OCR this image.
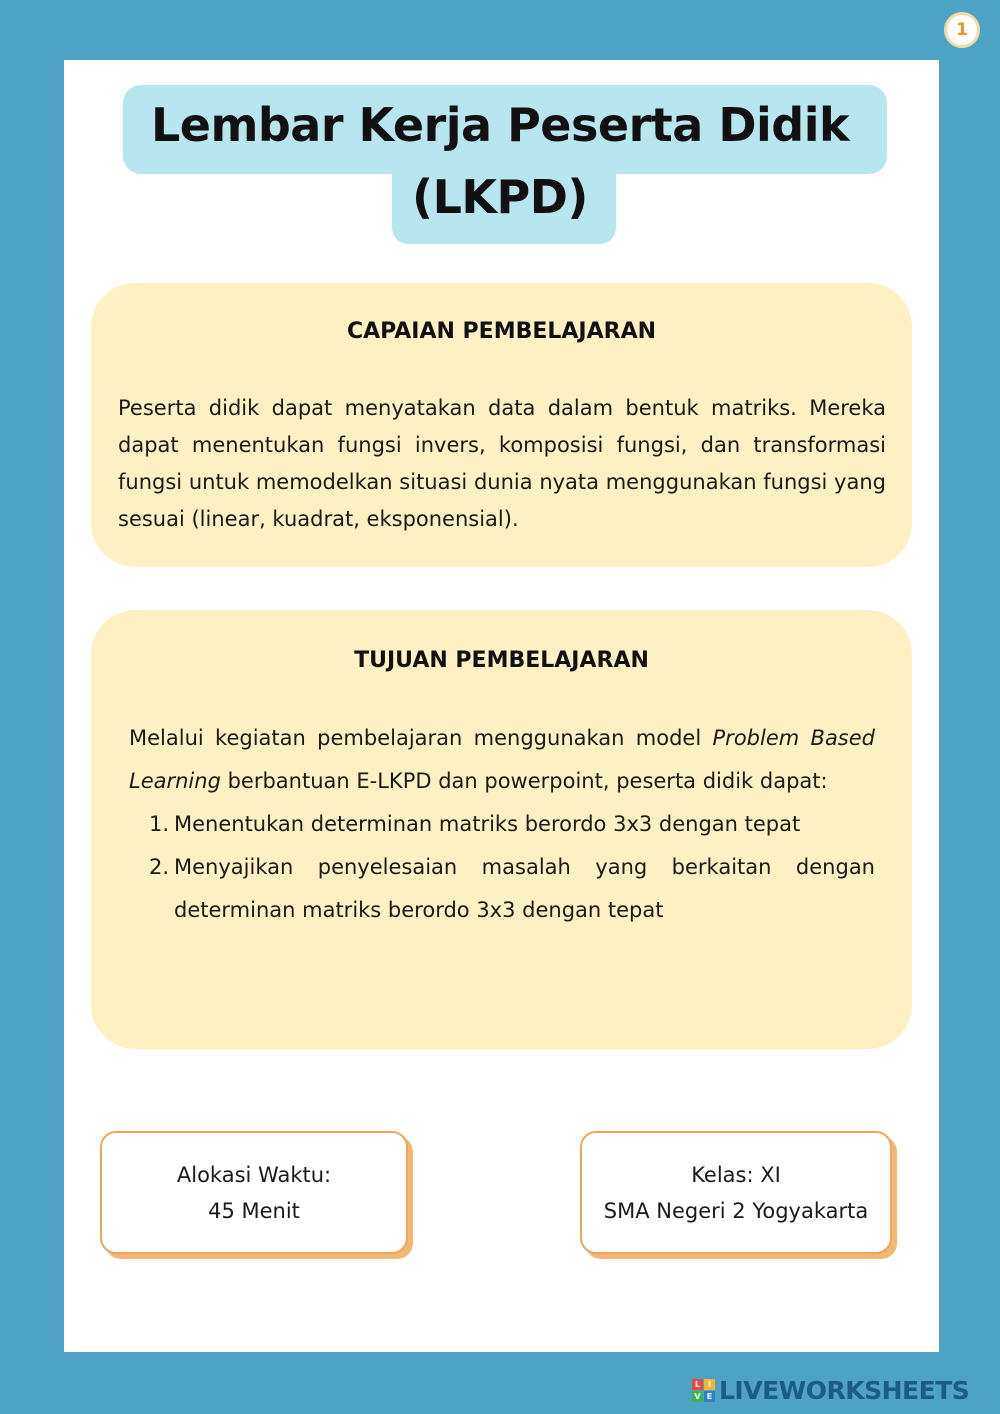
1
Lembar Kerja Peserta Didik
(LKPD)
CAPAIAN PEMBELAJARAN
Peserta didik dapat menyatakan data dalam bentuk matriks. Mereka dapat menentukan fungsi invers, komposisi fungsi, dan transformasi fungsi untuk memodelkan situasi dunia nyata menggunakan fungsi yang sesuai (linear, kuadrat, eksponensial).
TUJUAN PEMBELAJARAN

Melalui kegiatan pembelajaran menggunakan model Problem Based Learning berbantuan E-LKPD dan powerpoint, peserta didik dapat:

1. Menentukan determinan matriks berordo 3x3 dengan tepat
2. Menyajikan penyelesaian masalah yang berkaitan dengan determinan matriks berordo 3x3 dengan tepat
Alokasi Waktu:
45 Menit
Kelas: XI
SMA Negeri 2 Yogyakarta
L I
V E LIVEWORKSHEETS
